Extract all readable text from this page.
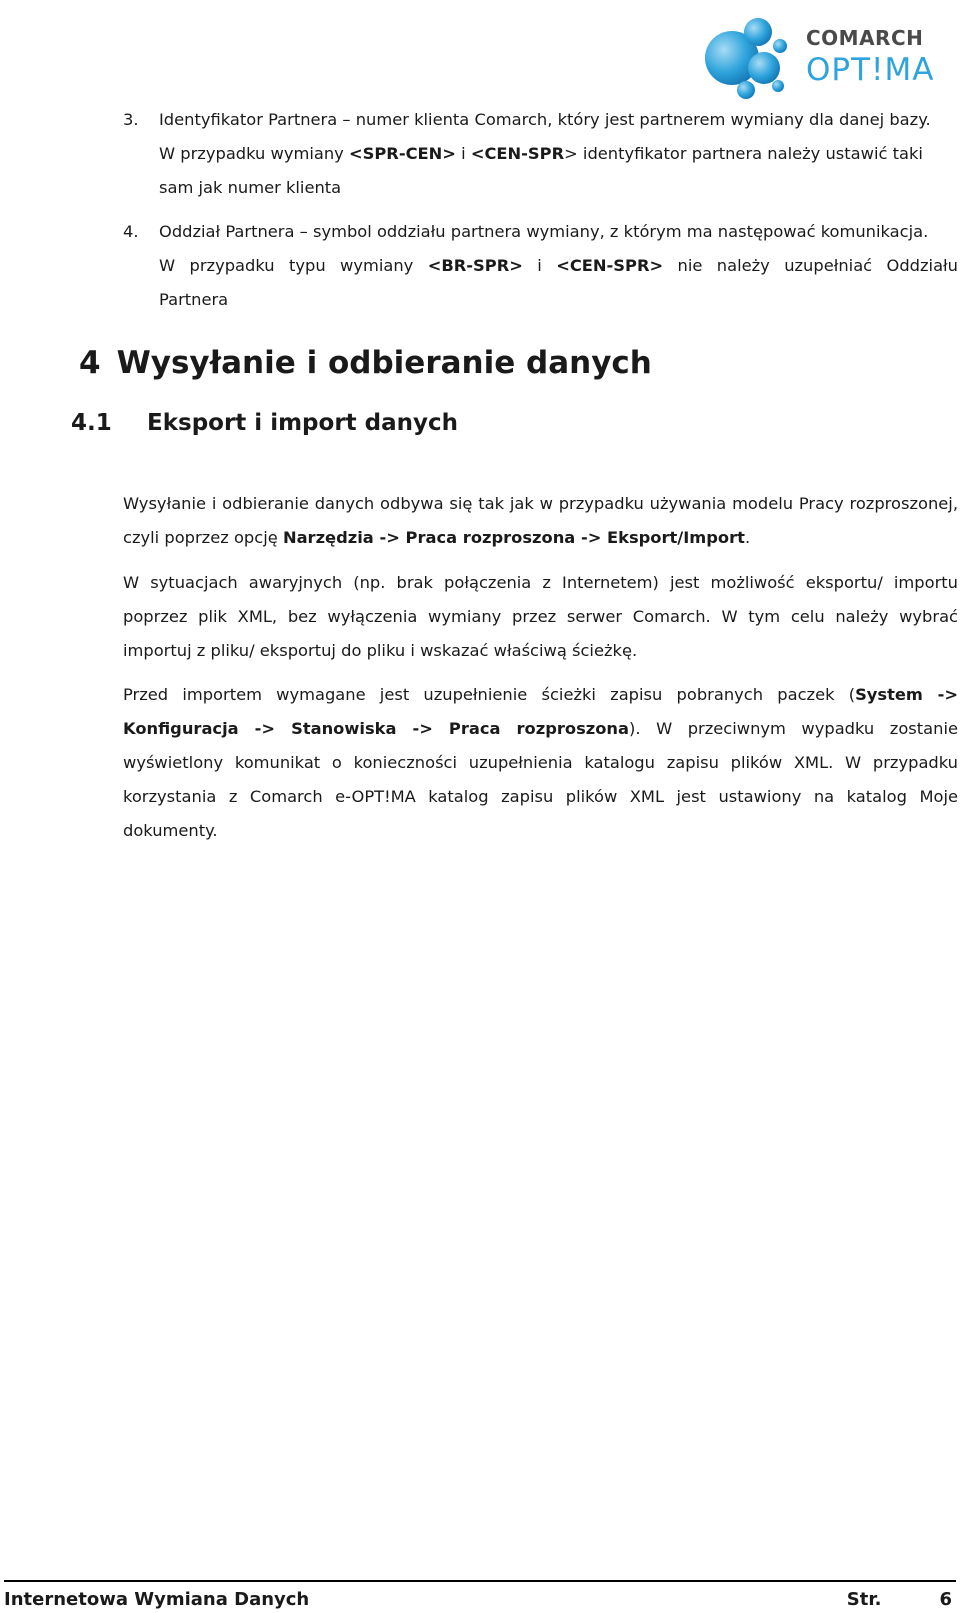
COMARCH
OPT!MA
3.	Identyfikator Partnera – numer klienta Comarch, który jest partnerem wymiany dla danej bazy.
W przypadku wymiany <SPR-CEN> i <CEN-SPR> identyfikator partnera należy ustawić taki
sam jak numer klienta
4.	Oddział Partnera – symbol oddziału partnera wymiany, z którym ma następować komunikacja.
W przypadku typu wymiany <BR-SPR> i <CEN-SPR> nie należy uzupełniać Oddziału
Partnera
4 Wysyłanie i odbieranie danych
4.1 Eksport i import danych
Wysyłanie i odbieranie danych odbywa się tak jak w przypadku używania modelu Pracy rozproszonej, czyli poprzez opcję Narzędzia -> Praca rozproszona -> Eksport/Import.
W sytuacjach awaryjnych (np. brak połączenia z Internetem) jest możliwość eksportu/ importu poprzez plik XML, bez wyłączenia wymiany przez serwer Comarch. W tym celu należy wybrać importuj z pliku/ eksportuj do pliku i wskazać właściwą ścieżkę.
Przed importem wymagane jest uzupełnienie ścieżki zapisu pobranych paczek (System -> Konfiguracja -> Stanowiska -> Praca rozproszona). W przeciwnym wypadku zostanie wyświetlony komunikat o konieczności uzupełnienia katalogu zapisu plików XML. W przypadku korzystania z Comarch e-OPT!MA katalog zapisu plików XML jest ustawiony na katalog Moje dokumenty.
Internetowa Wymiana Danych	Str.	6
